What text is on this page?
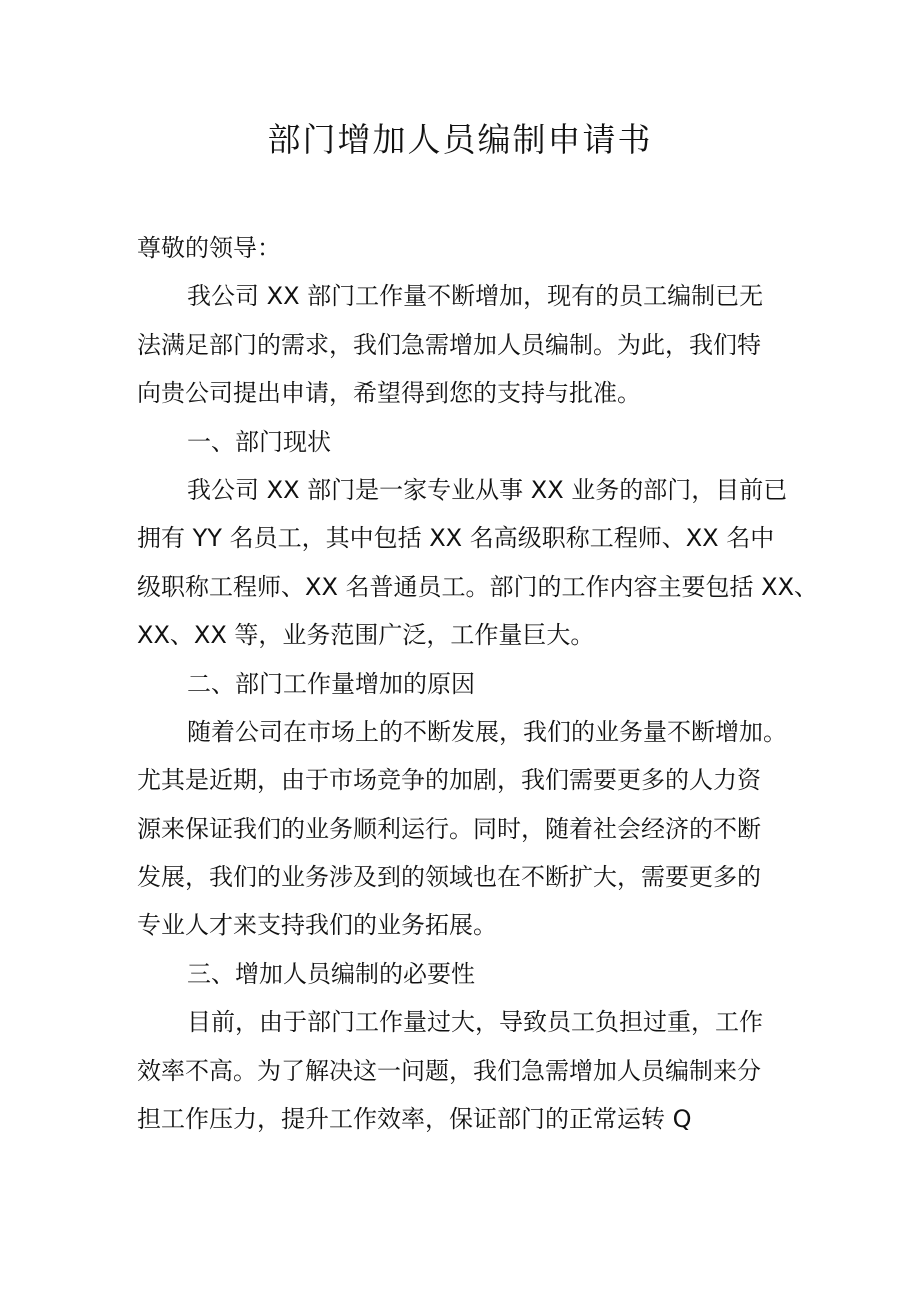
部门增加人员编制申请书
尊敬的领导：
我公司 XX 部门工作量不断增加，现有的员工编制已无
法满足部门的需求，我们急需增加人员编制。为此，我们特
向贵公司提出申请，希望得到您的支持与批准。
一、部门现状
我公司 XX 部门是一家专业从事 XX 业务的部门，目前已
拥有 YY 名员工，其中包括 XX 名高级职称工程师、XX 名中
级职称工程师、XX 名普通员工。部门的工作内容主要包括 XX、
XX、XX 等，业务范围广泛，工作量巨大。
二、部门工作量增加的原因
随着公司在市场上的不断发展，我们的业务量不断增加。
尤其是近期，由于市场竞争的加剧，我们需要更多的人力资
源来保证我们的业务顺利运行。同时，随着社会经济的不断
发展，我们的业务涉及到的领域也在不断扩大，需要更多的
专业人才来支持我们的业务拓展。
三、增加人员编制的必要性
目前，由于部门工作量过大，导致员工负担过重，工作
效率不高。为了解决这一问题，我们急需增加人员编制来分
担工作压力，提升工作效率，保证部门的正常运转 Q
